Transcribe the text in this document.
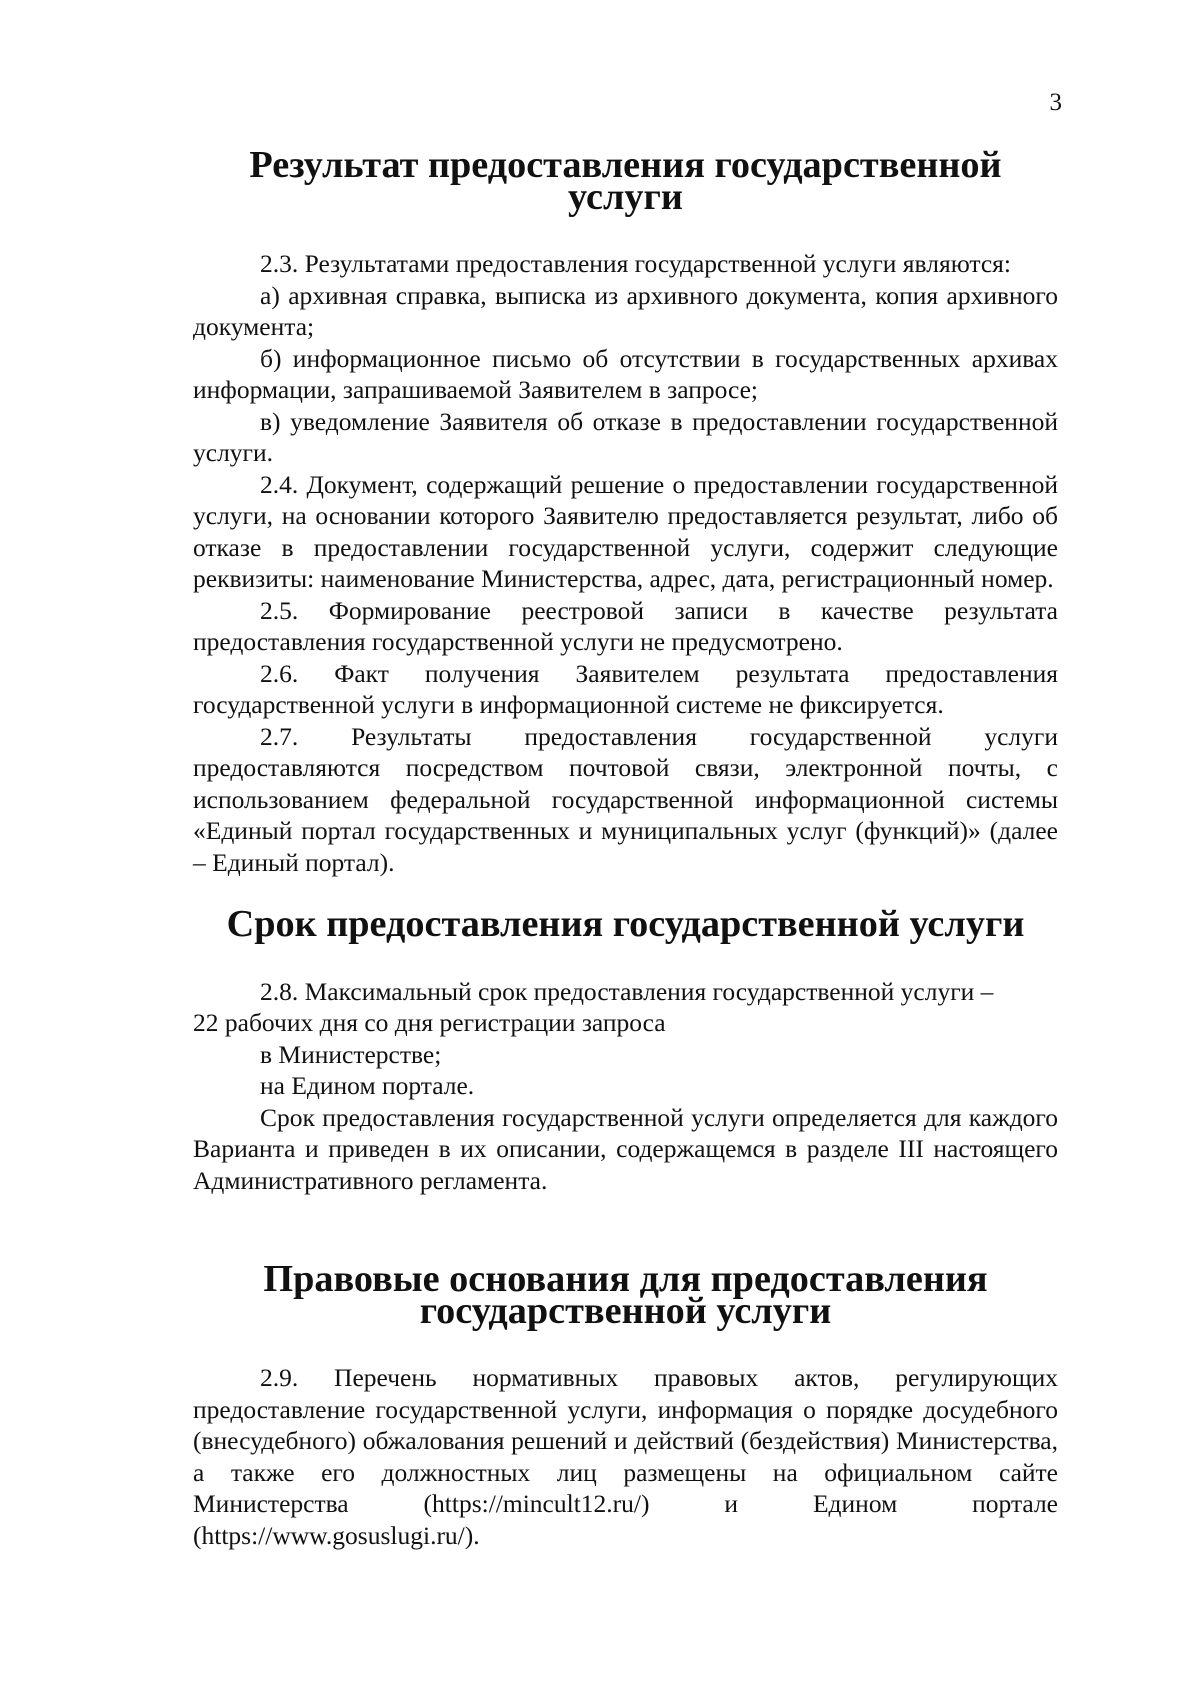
3
Результат предоставления государственной услуги

2.3. Результатами предоставления государственной услуги являются:

а) архивная справка, выписка из архивного документа, копия архивного документа;

б) информационное письмо об отсутствии в государственных архивах информации, запрашиваемой Заявителем в запросе;

в) уведомление Заявителя об отказе в предоставлении государственной услуги.

2.4. Документ, содержащий решение о предоставлении государственной услуги, на основании которого Заявителю предоставляется результат, либо об отказе в предоставлении государственной услуги, содержит следующие реквизиты: наименование Министерства, адрес, дата, регистрационный номер.

2.5. Формирование реестровой записи в качестве результата предоставления государственной услуги не предусмотрено.

2.6. Факт получения Заявителем результата предоставления государственной услуги в информационной системе не фиксируется.

2.7. Результаты предоставления государственной услуги предоставляются посредством почтовой связи, электронной почты, с использованием федеральной государственной информационной системы «Единый портал государственных и муниципальных услуг (функций)» (далее – Единый портал).

Срок предоставления государственной услуги

2.8. Максимальный срок предоставления государственной услуги –

22 рабочих дня со дня регистрации запроса

в Министерстве;

на Едином портале.

Срок предоставления государственной услуги определяется для каждого Варианта и приведен в их описании, содержащемся в разделе III настоящего Административного регламента.

Правовые основания для предоставления государственной услуги

2.9. Перечень нормативных правовых актов, регулирующих предоставление государственной услуги, информация о порядке досудебного (внесудебного) обжалования решений и действий (бездействия) Министерства, а также его должностных лиц размещены на официальном сайте Министерства (https://mincult12.ru/) и Едином портале (https://www.gosuslugi.ru/).
